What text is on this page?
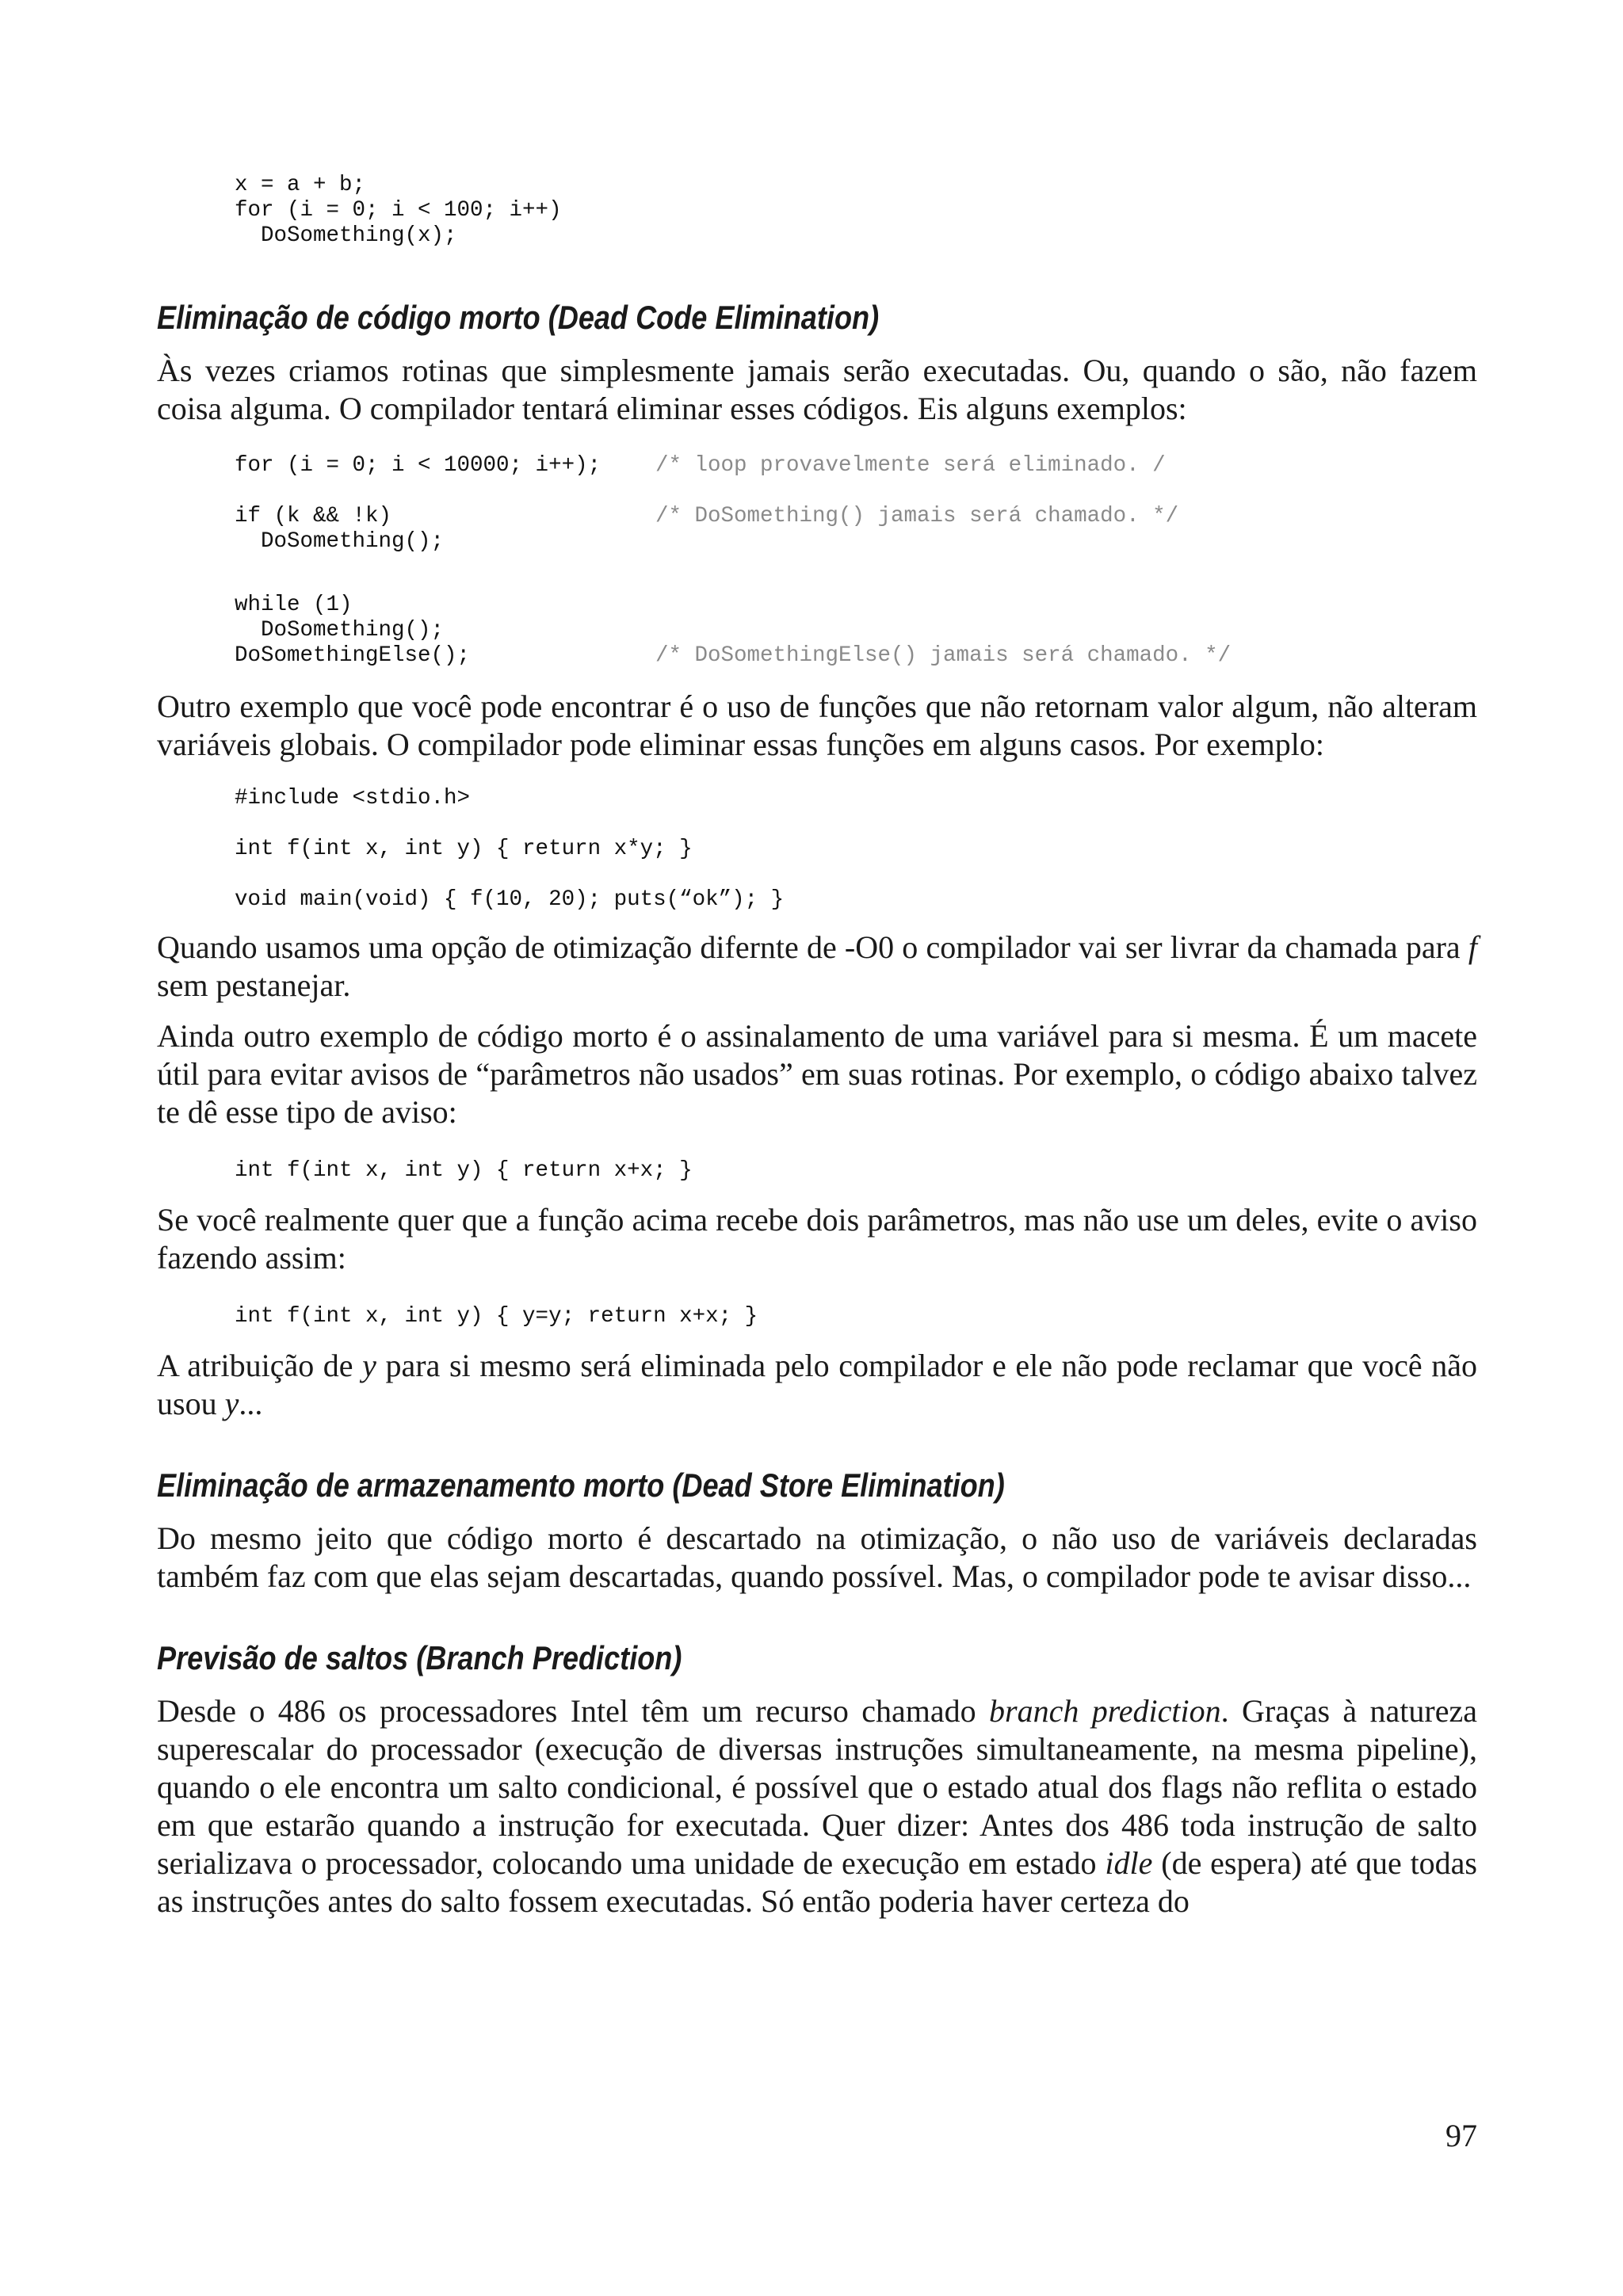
x = a + b;
for (i = 0; i < 100; i++)
DoSomething(x);
Eliminação de código morto (Dead Code Elimination)

Às vezes criamos rotinas que simplesmente jamais serão executadas. Ou, quando o são, não fazem coisa alguma. O compilador tentará eliminar esses códigos. Eis alguns exemplos:

for (i = 0; i < 10000; i++);	/* loop provavelmente será eliminado. /
if (k && !k)	/* DoSomething() jamais será chamado. */
DoSomething();
while (1)
DoSomething();
DoSomethingElse();	/* DoSomethingElse() jamais será chamado. */

Outro exemplo que você pode encontrar é o uso de funções que não retornam valor algum, não alteram variáveis globais. O compilador pode eliminar essas funções em alguns casos. Por exemplo:

#include <stdio.h>
int f(int x, int y) { return x*y; }
void main(void) { f(10, 20); puts(“ok”); }

Quando usamos uma opção de otimização difernte de -O0 o compilador vai ser livrar da chamada para f sem pestanejar.

Ainda outro exemplo de código morto é o assinalamento de uma variável para si mesma. É um macete útil para evitar avisos de “parâmetros não usados” em suas rotinas. Por exemplo, o código abaixo talvez te dê esse tipo de aviso:

int f(int x, int y) { return x+x; }

Se você realmente quer que a função acima recebe dois parâmetros, mas não use um deles, evite o aviso fazendo assim:

int f(int x, int y) { y=y; return x+x; }

A atribuição de y para si mesmo será eliminada pelo compilador e ele não pode reclamar que você não usou y...

Eliminação de armazenamento morto (Dead Store Elimination)

Do mesmo jeito que código morto é descartado na otimização, o não uso de variáveis declaradas também faz com que elas sejam descartadas, quando possível. Mas, o compilador pode te avisar disso...

Previsão de saltos (Branch Prediction)

Desde o 486 os processadores Intel têm um recurso chamado branch prediction. Graças à natureza superescalar do processador (execução de diversas instruções simultaneamente, na mesma pipeline), quando o ele encontra um salto condicional, é possível que o estado atual dos flags não reflita o estado em que estarão quando a instrução for executada. Quer dizer: Antes dos 486 toda instrução de salto serializava o processador, colocando uma unidade de execução em estado idle (de espera) até que todas as instruções antes do salto fossem executadas. Só então poderia haver certeza do

97
